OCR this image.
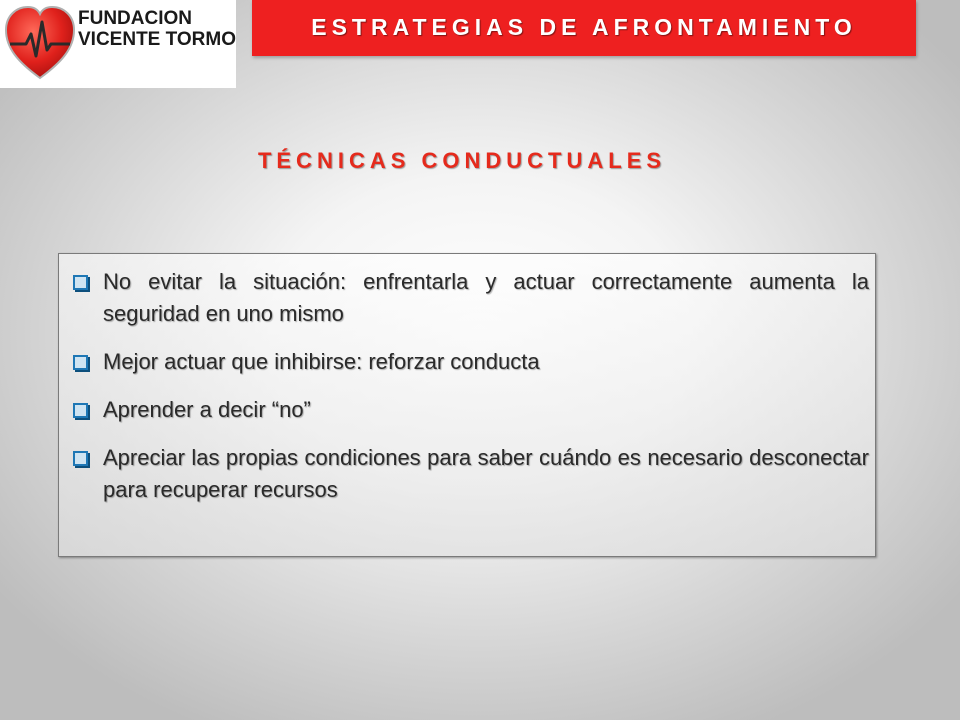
FUNDACION
VICENTE TORMO	ESTRATEGIAS DE AFRONTAMIENTO
TÉCNICAS CONDUCTUALES
No evitar la situación: enfrentarla y actuar correctamente aumenta la seguridad en uno mismo
Mejor actuar que inhibirse: reforzar conducta
Aprender a decir “no”
Apreciar las propias condiciones para saber cuándo es necesario desconectar para recuperar recursos
